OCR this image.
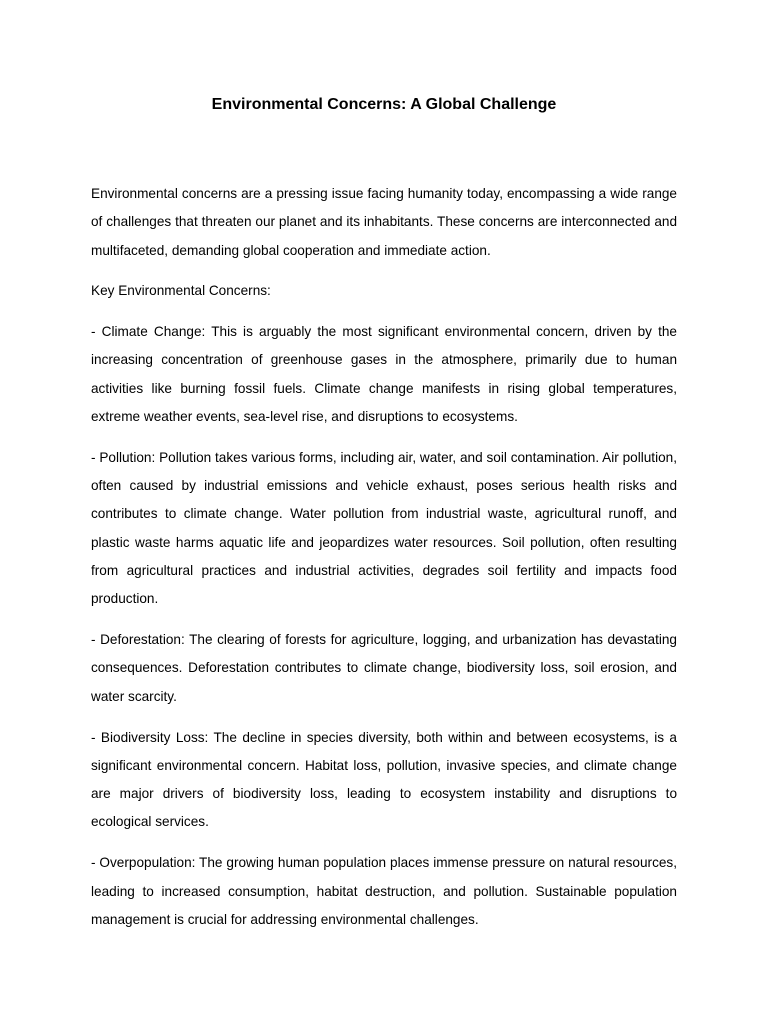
Environmental Concerns: A Global Challenge

Environmental concerns are a pressing issue facing humanity today, encompassing a wide range of challenges that threaten our planet and its inhabitants. These concerns are interconnected and multifaceted, demanding global cooperation and immediate action.

Key Environmental Concerns:

- Climate Change: This is arguably the most significant environmental concern, driven by the increasing concentration of greenhouse gases in the atmosphere, primarily due to human activities like burning fossil fuels. Climate change manifests in rising global temperatures, extreme weather events, sea-level rise, and disruptions to ecosystems.

- Pollution: Pollution takes various forms, including air, water, and soil contamination. Air pollution, often caused by industrial emissions and vehicle exhaust, poses serious health risks and contributes to climate change. Water pollution from industrial waste, agricultural runoff, and plastic waste harms aquatic life and jeopardizes water resources. Soil pollution, often resulting from agricultural practices and industrial activities, degrades soil fertility and impacts food production.

- Deforestation: The clearing of forests for agriculture, logging, and urbanization has devastating consequences. Deforestation contributes to climate change, biodiversity loss, soil erosion, and water scarcity.

- Biodiversity Loss: The decline in species diversity, both within and between ecosystems, is a significant environmental concern. Habitat loss, pollution, invasive species, and climate change are major drivers of biodiversity loss, leading to ecosystem instability and disruptions to ecological services.

- Overpopulation: The growing human population places immense pressure on natural resources, leading to increased consumption, habitat destruction, and pollution. Sustainable population management is crucial for addressing environmental challenges.
